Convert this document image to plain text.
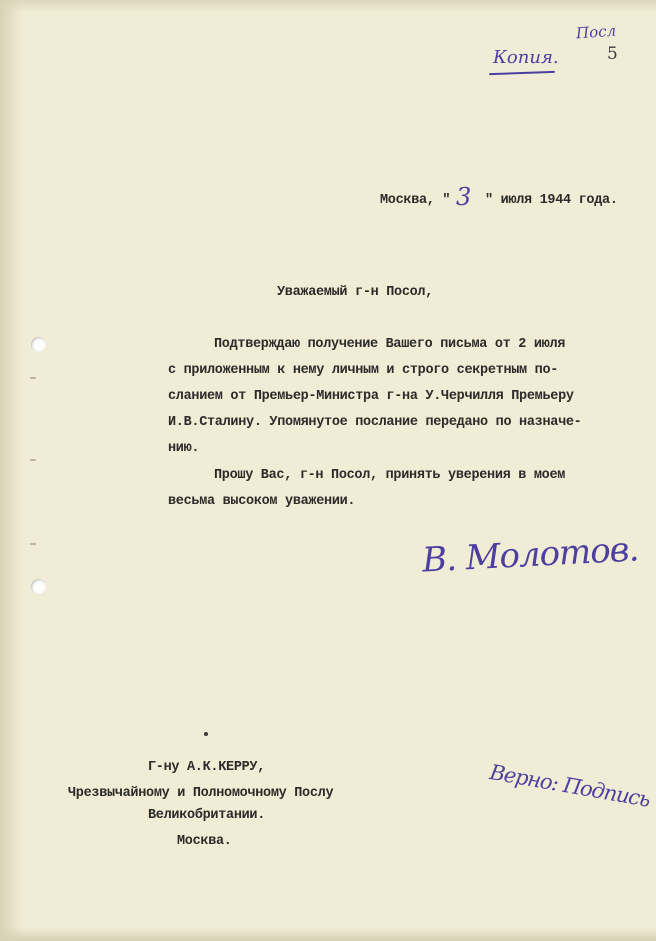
Копия.
Посл
5
Москва, " 3 " июля 1944 года.
Уважаемый г-н Посол,
Подтверждаю получение Вашего письма от 2 июля
с приложенным к нему личным и строго секретным по-
сланием от Премьер-Министра г-на У.Черчилля Премьеру
И.В.Сталину. Упомянутое послание передано по назначе-
нию.
Прошу Вас, г-н Посол, принять уверения в моем
весьма высоком уважении.
В. Молотов.
Г-ну А.К.КЕРРУ,
Чрезвычайному и Полномочному Послу
Великобритании.
Москва.
Верно: Подпись
